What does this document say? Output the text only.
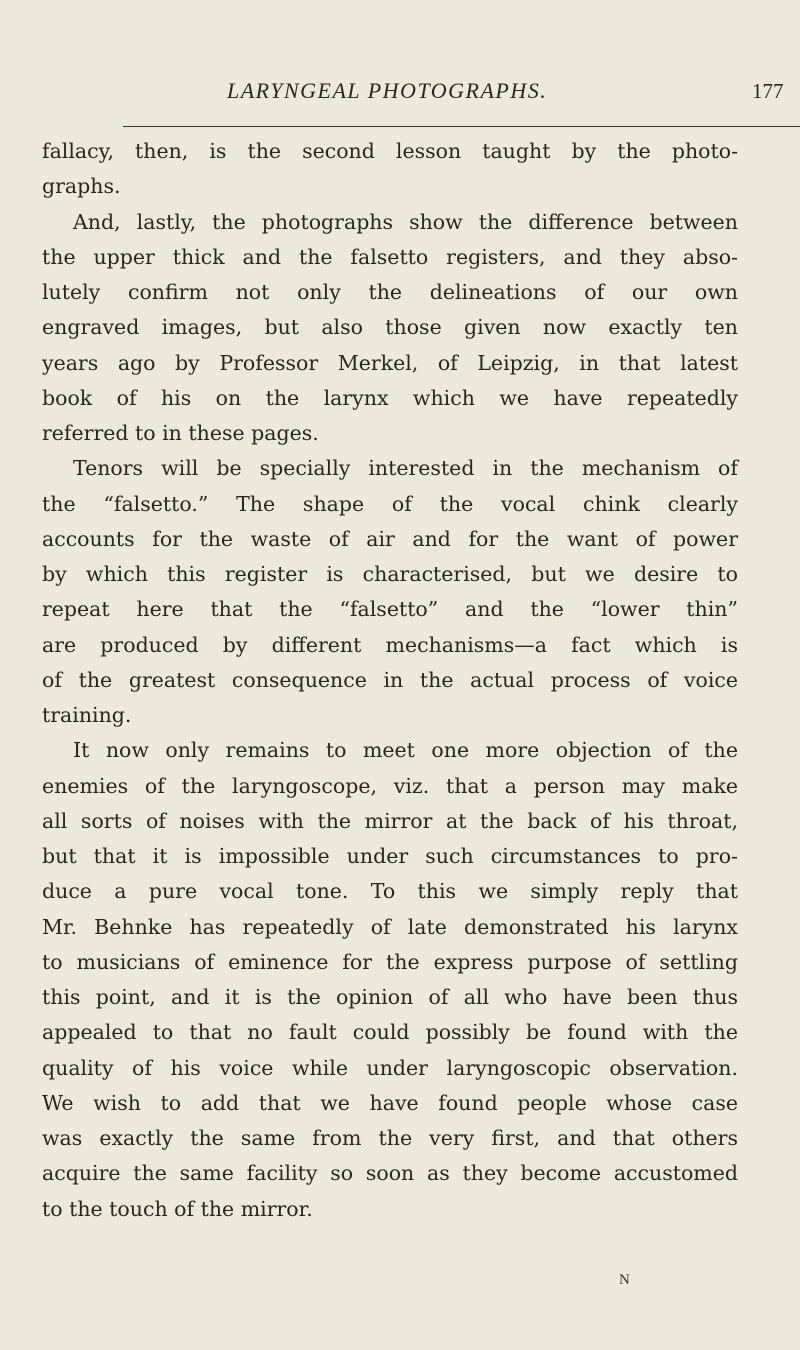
LARYNGEAL PHOTOGRAPHS.	177
fallacy, then, is the second lesson taught by the photo-
graphs.
And, lastly, the photographs show the difference between
the upper thick and the falsetto registers, and they abso-
lutely confirm not only the delineations of our own
engraved images, but also those given now exactly ten
years ago by Professor Merkel, of Leipzig, in that latest
book of his on the larynx which we have repeatedly
referred to in these pages.
Tenors will be specially interested in the mechanism of
the “falsetto.” The shape of the vocal chink clearly
accounts for the waste of air and for the want of power
by which this register is characterised, but we desire to
repeat here that the “falsetto” and the “lower thin”
are produced by different mechanisms—a fact which is
of the greatest consequence in the actual process of voice
training.
It now only remains to meet one more objection of the
enemies of the laryngoscope, viz. that a person may make
all sorts of noises with the mirror at the back of his throat,
but that it is impossible under such circumstances to pro-
duce a pure vocal tone. To this we simply reply that
Mr. Behnke has repeatedly of late demonstrated his larynx
to musicians of eminence for the express purpose of settling
this point, and it is the opinion of all who have been thus
appealed to that no fault could possibly be found with the
quality of his voice while under laryngoscopic observation.
We wish to add that we have found people whose case
was exactly the same from the very first, and that others
acquire the same facility so soon as they become accustomed
to the touch of the mirror.
N
